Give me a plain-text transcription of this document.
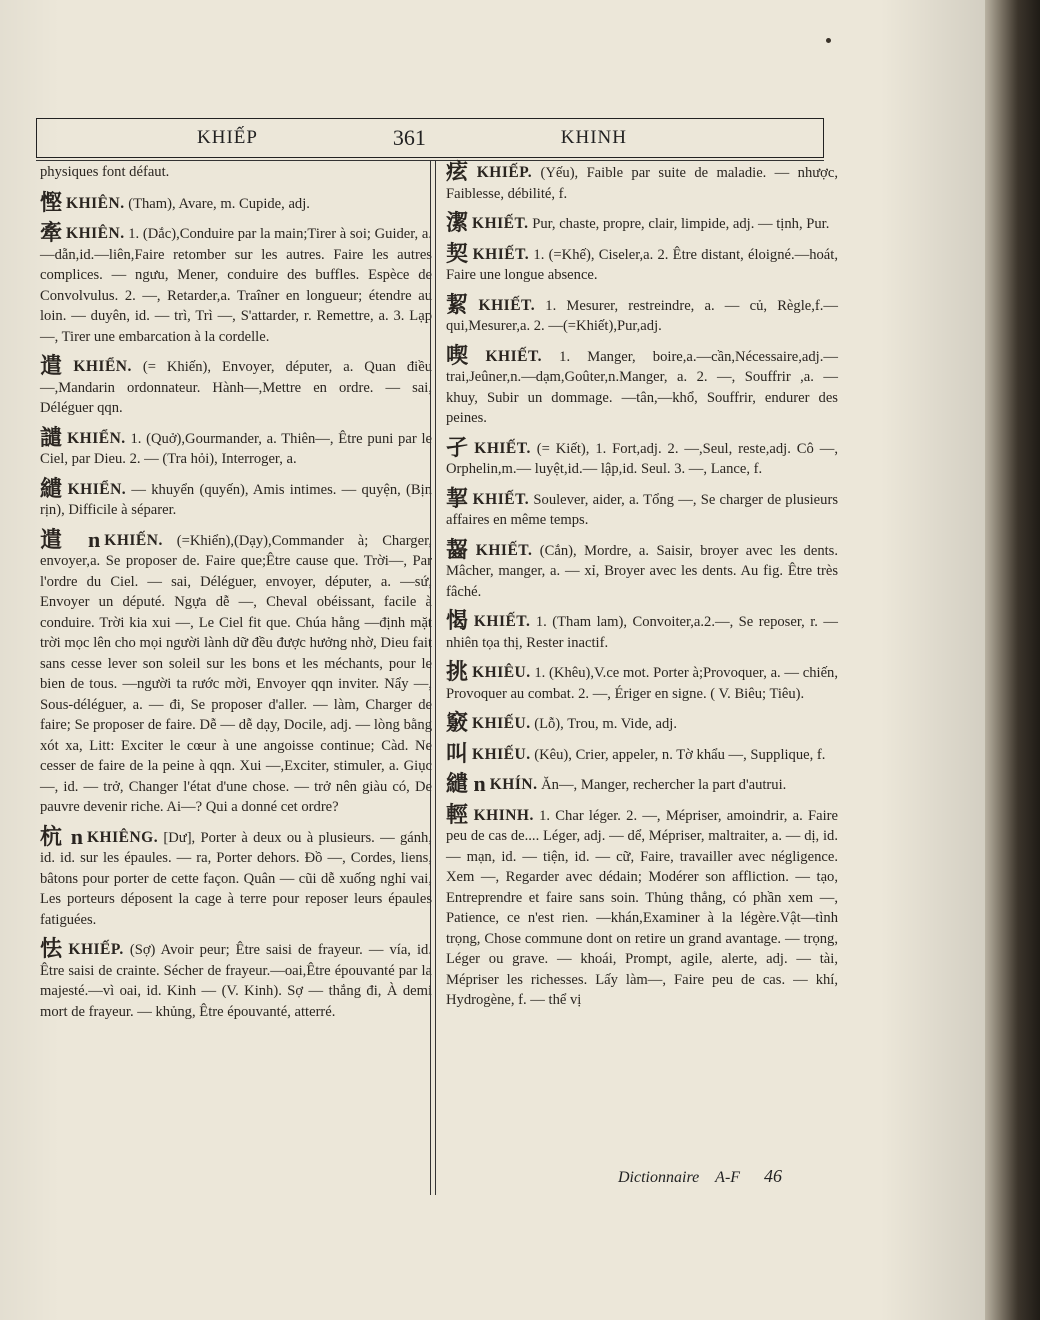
KHIẾP	361	KHINH
physiques font défaut.
慳 KHIÊN. (Tham), Avare, m. Cupide, adj.
牽 KHIÊN. 1. (Dắc),Conduire par la main;Tirer à soi; Guider, a. —dẵn,id.—liên,Faire retomber sur les autres. Faire les autres complices. — ngưu, Mener, conduire des buffles. Espèce de Convolvulus. 2. —, Retarder,a. Traîner en longueur; étendre au loin. — duyên, id. — trì, Trì —, S'attarder, r. Remettre, a. 3. Lạp —, Tirer une embarcation à la cordelle.
遣 KHIỂN. (= Khiến), Envoyer, députer, a. Quan điều—,Mandarin ordonnateur. Hành—,Mettre en ordre. — sai, Déléguer qqn.
譴 KHIỂN. 1. (Quở),Gourmander, a. Thiên—, Être puni par le Ciel, par Dieu. 2. — (Tra hỏi), Interroger, a.
繾 KHIỂN. — khuyển (quyến), Amis intimes. — quyện, (Bịn rịn), Difficile à séparer.
遣 n KHIẾN. (=Khiển),(Dạy),Commander à; Charger, envoyer,a. Se proposer de. Faire que;Être cause que. Trời—, Par l'ordre du Ciel. — sai, Déléguer, envoyer, députer, a. —sứ, Envoyer un député. Ngựa dễ —, Cheval obéissant, facile à conduire. Trời kia xui —, Le Ciel fit que. Chúa hằng —định mặt trời mọc lên cho mọi người lành dữ đều được hưởng nhờ, Dieu fait sans cesse lever son soleil sur les bons et les méchants, pour le bien de tous. —người ta rước mời, Envoyer qqn inviter. Nẩy —, Sous-déléguer, a. — đi, Se proposer d'aller. — làm, Charger de faire; Se proposer de faire. Dễ — dễ dạy, Docile, adj. — lòng bằng xót xa, Litt: Exciter le cœur à une angoisse continue; Càd. Ne cesser de faire de la peine à qqn. Xui —,Exciter, stimuler, a. Giục —, id. — trở, Changer l'état d'une chose. — trở nên giàu có, De pauvre devenir riche. Ai—? Qui a donné cet ordre?
杭 n KHIÊNG. [Dư], Porter à deux ou à plusieurs. — gánh, id. id. sur les épaules. — ra, Porter dehors. Đồ —, Cordes, liens, bâtons pour porter de cette façon. Quân — cũi dễ xuống nghỉ vai, Les porteurs déposent la cage à terre pour reposer leurs épaules fatiguées.
怯 KHIẾP. (Sợ) Avoir peur; Être saisi de frayeur. — vía, id. Être saisi de crainte. Sécher de frayeur.—oai,Être épouvanté par la majesté.—vì oai, id. Kinh — (V. Kinh). Sợ — thắng đi, À demi mort de frayeur. — khủng, Être épouvanté, atterré.
痃 KHIẾP. (Yếu), Faible par suite de maladie. — nhược, Faiblesse, débilité, f.
潔 KHIẾT. Pur, chaste, propre, clair, limpide, adj. — tịnh, Pur.
契 KHIẾT. 1. (=Khế), Ciseler,a. 2. Être distant, éloigné.—hoát, Faire une longue absence.
絜 KHIẾT. 1. Mesurer, restreindre, a. — củ, Règle,f.—qui,Mesurer,a. 2. —(=Khiết),Pur,adj.
喫 KHIẾT. 1. Manger, boire,a.—cần,Nécessaire,adj.—trai,Jeûner,n.—dạm,Goûter,n.Manger, a. 2. —, Souffrir ,a. — khuy, Subir un dommage. —tân,—khổ, Souffrir, endurer des peines.
孑 KHIẾT. (= Kiết), 1. Fort,adj. 2. —,Seul, reste,adj. Cô —, Orphelin,m.— luyệt,id.— lập,id. Seul. 3. —, Lance, f.
挈 KHIẾT. Soulever, aider, a. Tổng —, Se charger de plusieurs affaires en même temps.
齧 KHIẾT. (Cắn), Mordre, a. Saisir, broyer avec les dents. Mâcher, manger, a. — xỉ, Broyer avec les dents. Au fig. Être très fâché.
愒 KHIẾT. 1. (Tham lam), Convoiter,a.2.—, Se reposer, r. — nhiên tọa thị, Rester inactif.
挑 KHIÊU. 1. (Khêu),V.ce mot. Porter à;Provoquer, a. — chiến, Provoquer au combat. 2. —, Ériger en signe. ( V. Biêu; Tiêu).
竅 KHIẾU. (Lỗ), Trou, m. Vide, adj.
叫 KHIẾU. (Kêu), Crier, appeler, n. Tờ khẩu —, Supplique, f.
繾 n KHÍN. Ăn—, Manger, rechercher la part d'autrui.
輕 KHINH. 1. Char léger. 2. —, Mépriser, amoindrir, a. Faire peu de cas de.... Léger, adj. — dể, Mépriser, maltraiter, a. — dị, id. — mạn, id. — tiện, id. — cữ, Faire, travailler avec négligence. Xem —, Regarder avec dédain; Modérer son affliction. — tạo, Entreprendre et faire sans soin. Thủng thẳng, có phần xem —, Patience, ce n'est rien. —khán,Examiner à la légère.Vật—tình trọng, Chose commune dont on retire un grand avantage. — trọng, Léger ou grave. — khoái, Prompt, agile, alerte, adj. — tài, Mépriser les richesses. Lấy làm—, Faire peu de cas. — khí, Hydrogène, f. — thể vị
Dictionnaire A-F 46
